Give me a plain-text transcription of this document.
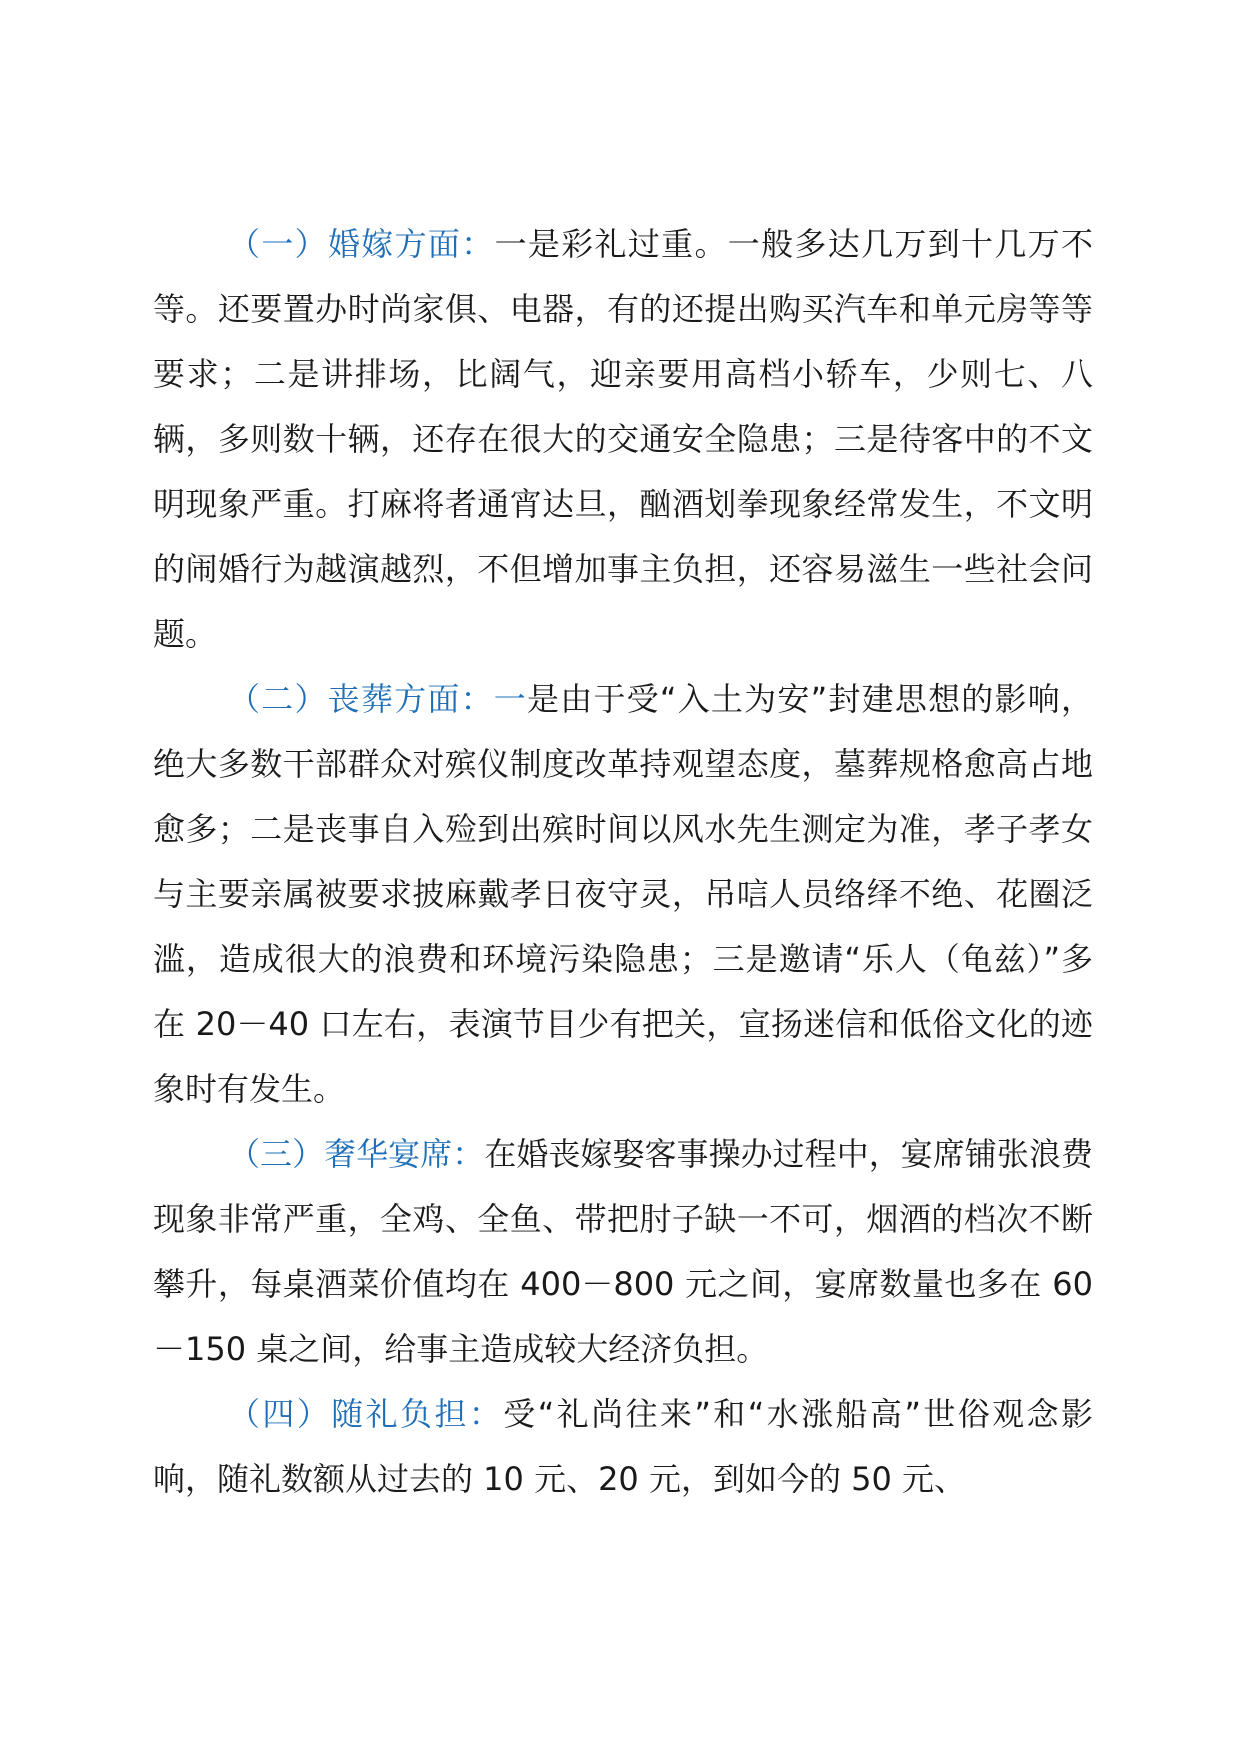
（一）婚嫁方面：一是彩礼过重。一般多达几万到十几万不等。还要置办时尚家俱、电器，有的还提出购买汽车和单元房等等要求；二是讲排场，比阔气，迎亲要用高档小轿车，少则七、八辆，多则数十辆，还存在很大的交通安全隐患；三是待客中的不文明现象严重。打麻将者通宵达旦，酗酒划拳现象经常发生，不文明的闹婚行为越演越烈，不但增加事主负担，还容易滋生一些社会问题。

（二）丧葬方面：一是由于受“入土为安”封建思想的影响，绝大多数干部群众对殡仪制度改革持观望态度，墓葬规格愈高占地愈多；二是丧事自入殓到出殡时间以风水先生测定为准，孝子孝女与主要亲属被要求披麻戴孝日夜守灵，吊唁人员络绎不绝、花圈泛滥，造成很大的浪费和环境污染隐患；三是邀请“乐人（龟兹）”多在 20－40 口左右，表演节目少有把关，宣扬迷信和低俗文化的迹象时有发生。

（三）奢华宴席：在婚丧嫁娶客事操办过程中，宴席铺张浪费现象非常严重，全鸡、全鱼、带把肘子缺一不可，烟酒的档次不断攀升，每桌酒菜价值均在 400－800 元之间，宴席数量也多在 60－150 桌之间，给事主造成较大经济负担。

（四）随礼负担：受“礼尚往来”和“水涨船高”世俗观念影响，随礼数额从过去的 10 元、20 元，到如今的 50 元、
